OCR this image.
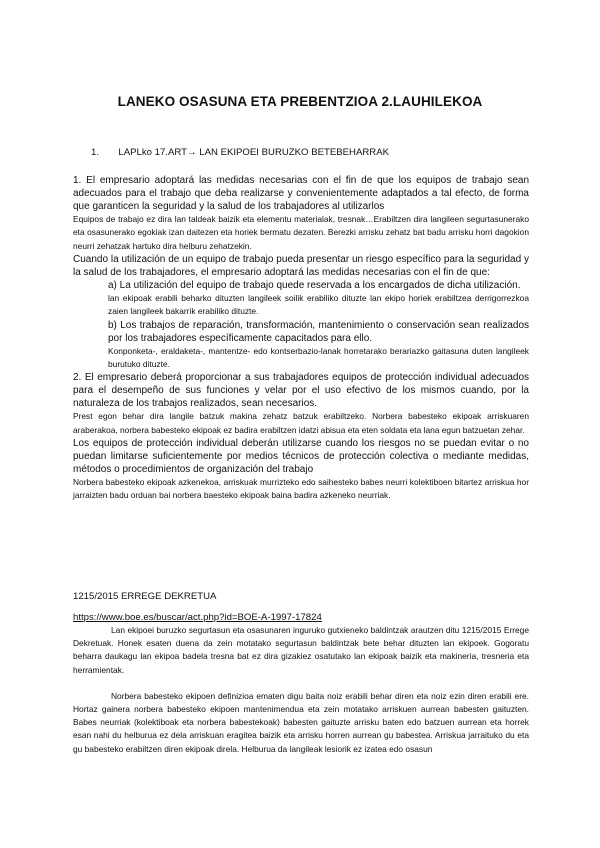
LANEKO OSASUNA ETA PREBENTZIOA 2.LAUHILEKOA
1. LAPLko 17.ART→ LAN EKIPOEI BURUZKO BETEBEHARRAK

1. El empresario adoptará las medidas necesarias con el fin de que los equipos de trabajo sean adecuados para el trabajo que deba realizarse y convenientemente adaptados a tal efecto, de forma que garanticen la seguridad y la salud de los trabajadores al utilizarlos

Equipos de trabajo ez dira lan taldeak baizik eta elementu materialak, tresnak…Erabiltzen dira langileen segurtasunerako eta osasunerako egokiak izan daitezen eta horiek bermatu dezaten. Berezki arrisku zehatz bat badu arrisku horri dagokion neurri zehatzak hartuko dira helburu zehatzekin.

Cuando la utilización de un equipo de trabajo pueda presentar un riesgo específico para la seguridad y la salud de los trabajadores, el empresario adoptará las medidas necesarias con el fin de que:

a) La utilización del equipo de trabajo quede reservada a los encargados de dicha utilización.

lan ekipoak erabili beharko dituzten langileek soilik erabiliko dituzte lan ekipo horiek erabiltzea derrigorrezkoa zaien langileek bakarrik erabiliko dituzte.

b) Los trabajos de reparación, transformación, mantenimiento o conservación sean realizados por los trabajadores específicamente capacitados para ello.

Konponketa-, eraldaketa-, mantentze- edo kontserbazio-lanak horretarako berariazko gaitasuna duten langileek burutuko dituzte.

2. El empresario deberá proporcionar a sus trabajadores equipos de protección individual adecuados para el desempeño de sus funciones y velar por el uso efectivo de los mismos cuando, por la naturaleza de los trabajos realizados, sean necesarios.

Prest egon behar dira langile batzuk makina zehatz batzuk erabiltzeko. Norbera babesteko ekipoak arriskuaren araberakoa, norbera babesteko ekipoak ez badira erabiltzen idatzi abisua eta eten soldata eta lana egun batzuetan zehar.

Los equipos de protección individual deberán utilizarse cuando los riesgos no se puedan evitar o no puedan limitarse suficientemente por medios técnicos de protección colectiva o mediante medidas, métodos o procedimientos de organización del trabajo

Norbera babesteko ekipoak azkenekoa, arriskuak murrizteko edo saihesteko babes neurri kolektiboen bitartez arriskua hor jarraizten badu orduan bai norbera baesteko ekipoak baina badira azkeneko neurriak.

1215/2015 ERREGE DEKRETUA
https://www.boe.es/buscar/act.php?id=BOE-A-1997-17824

Lan ekipoei buruzko segurtasun eta osasunaren inguruko gutxieneko baldintzak arautzen ditu 1215/2015 Errege Dekretuak. Honek esaten duena da zein motatako segurtasun baldintzak bete behar dituzten lan ekipoek. Gogoratu beharra daukagu lan ekipoa badela tresna bat ez dira gizakiez osatutako lan ekipoak baizik eta makineria, tresneria eta herramientak.

Norbera babesteko ekipoen definizioa ematen digu baita noiz erabili behar diren eta noiz ezin diren erabili ere. Hortaz gainera norbera babesteko ekipoen mantenimendua eta zein motatako arriskuen aurrean babesten gaituzten. Babes neurriak (kolektiboak eta norbera babestekoak) babesten gaituzte arrisku baten edo batzuen aurrean eta horrek esan nahi du helburua ez dela arriskuan eragitea baizik eta arrisku horren aurrean gu babestea. Arriskua jarraituko du eta gu babesteko erabiltzen diren ekipoak direla. Helburua da langileak lesiorik ez izatea edo osasun
